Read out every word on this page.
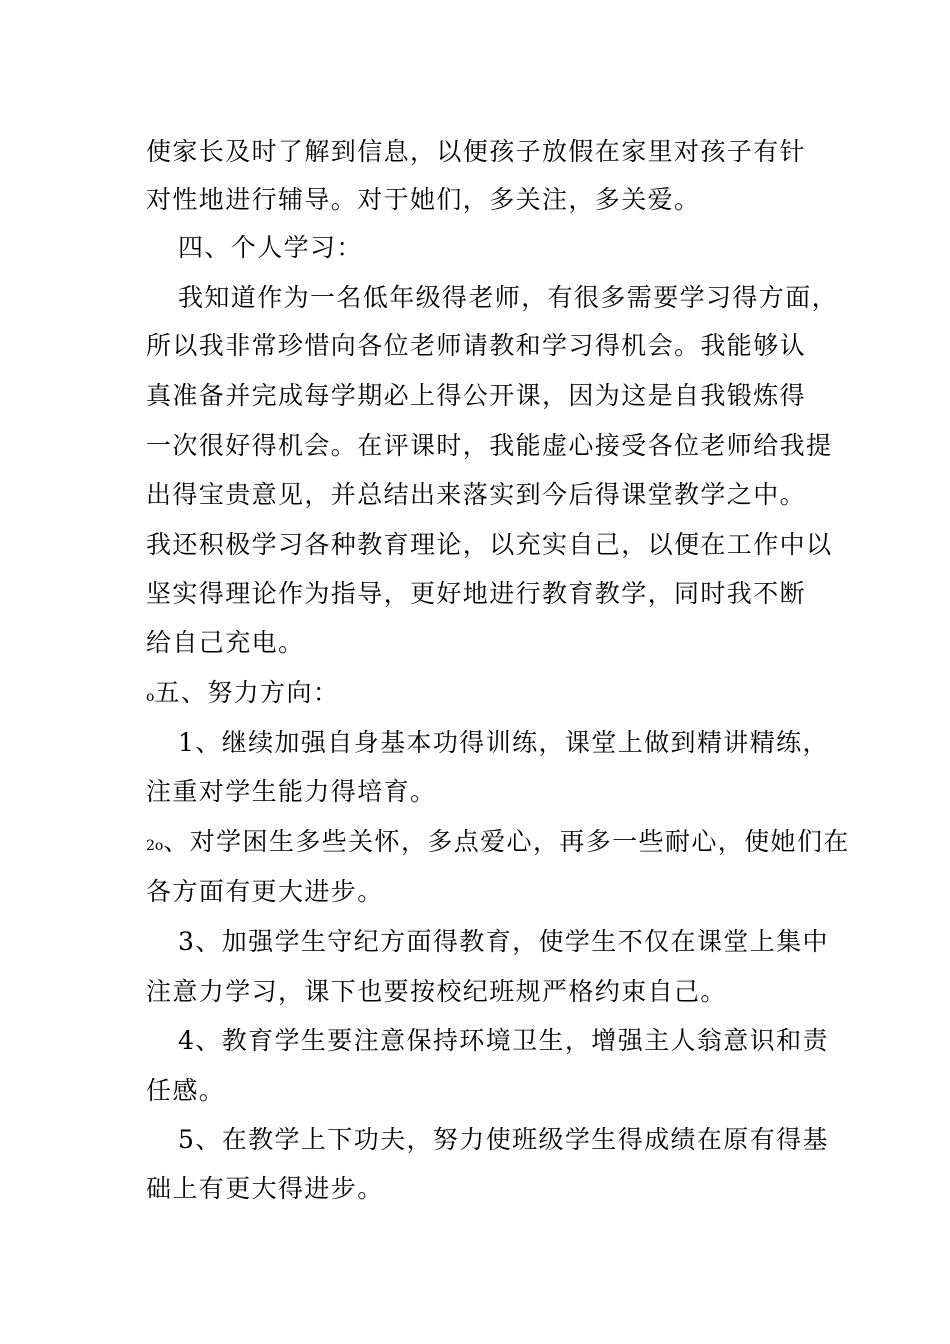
使家长及时了解到信息，以便孩子放假在家里对孩子有针
对性地进行辅导。对于她们，多关注，多关爱。
四、个人学习：
我知道作为一名低年级得老师，有很多需要学习得方面，
所以我非常珍惜向各位老师请教和学习得机会。我能够认
真准备并完成每学期必上得公开课，因为这是自我锻炼得
一次很好得机会。在评课时，我能虚心接受各位老师给我提
出得宝贵意见，并总结出来落实到今后得课堂教学之中。
我还积极学习各种教育理论，以充实自己，以便在工作中以
坚实得理论作为指导，更好地进行教育教学，同时我不断
给自己充电。
o五、努力方向：
1、继续加强自身基本功得训练，课堂上做到精讲精练，
注重对学生能力得培育。
2o、对学困生多些关怀，多点爱心，再多一些耐心，使她们在
各方面有更大进步。
3、加强学生守纪方面得教育，使学生不仅在课堂上集中
注意力学习，课下也要按校纪班规严格约束自己。
4、教育学生要注意保持环境卫生，增强主人翁意识和责
任感。
5、在教学上下功夫，努力使班级学生得成绩在原有得基
础上有更大得进步。
